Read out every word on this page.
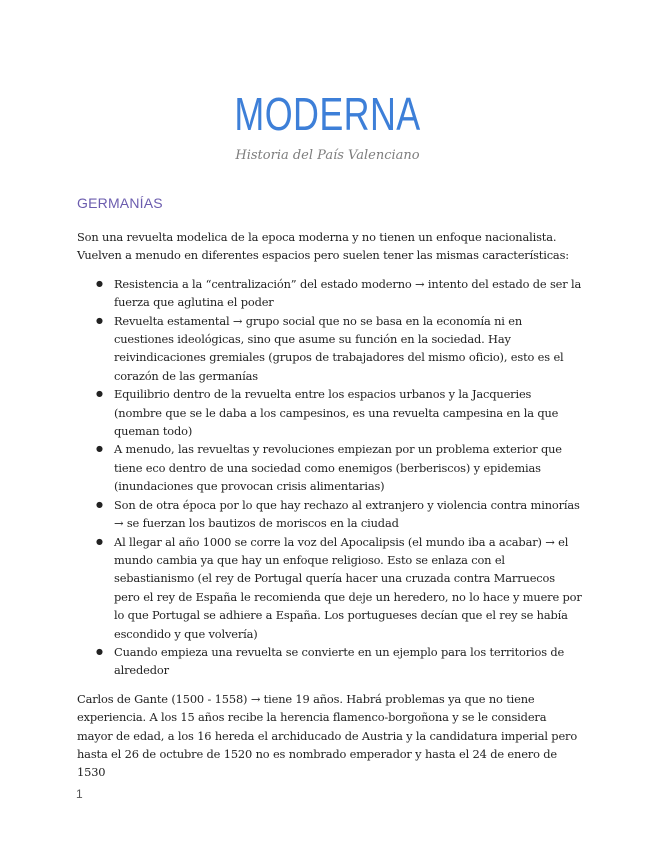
MODERNA
Historia del País Valenciano
GERMANÍAS

Son una revuelta modelica de la epoca moderna y no tienen un enfoque nacionalista. Vuelven a menudo en diferentes espacios pero suelen tener las mismas características:

● Resistencia a la “centralización” del estado moderno → intento del estado de ser la fuerza que aglutina el poder
● Revuelta estamental → grupo social que no se basa en la economía ni en cuestiones ideológicas, sino que asume su función en la sociedad. Hay reivindicaciones gremiales (grupos de trabajadores del mismo oficio), esto es el corazón de las germanías
● Equilibrio dentro de la revuelta entre los espacios urbanos y la Jacqueries (nombre que se le daba a los campesinos, es una revuelta campesina en la que queman todo)
● A menudo, las revueltas y revoluciones empiezan por un problema exterior que tiene eco dentro de una sociedad como enemigos (berberiscos) y epidemias (inundaciones que provocan crisis alimentarias)
● Son de otra época por lo que hay rechazo al extranjero y violencia contra minorías → se fuerzan los bautizos de moriscos en la ciudad
● Al llegar al año 1000 se corre la voz del Apocalipsis (el mundo iba a acabar) → el mundo cambia ya que hay un enfoque religioso. Esto se enlaza con el sebastianismo (el rey de Portugal quería hacer una cruzada contra Marruecos pero el rey de España le recomienda que deje un heredero, no lo hace y muere por lo que Portugal se adhiere a España. Los portugueses decían que el rey se había escondido y que volvería)
● Cuando empieza una revuelta se convierte en un ejemplo para los territorios de alrededor

Carlos de Gante (1500 - 1558) → tiene 19 años. Habrá problemas ya que no tiene experiencia. A los 15 años recibe la herencia flamenco-borgoñona y se le considera mayor de edad, a los 16 hereda el archiducado de Austria y la candidatura imperial pero hasta el 26 de octubre de 1520 no es nombrado emperador y hasta el 24 de enero de 1530

1
